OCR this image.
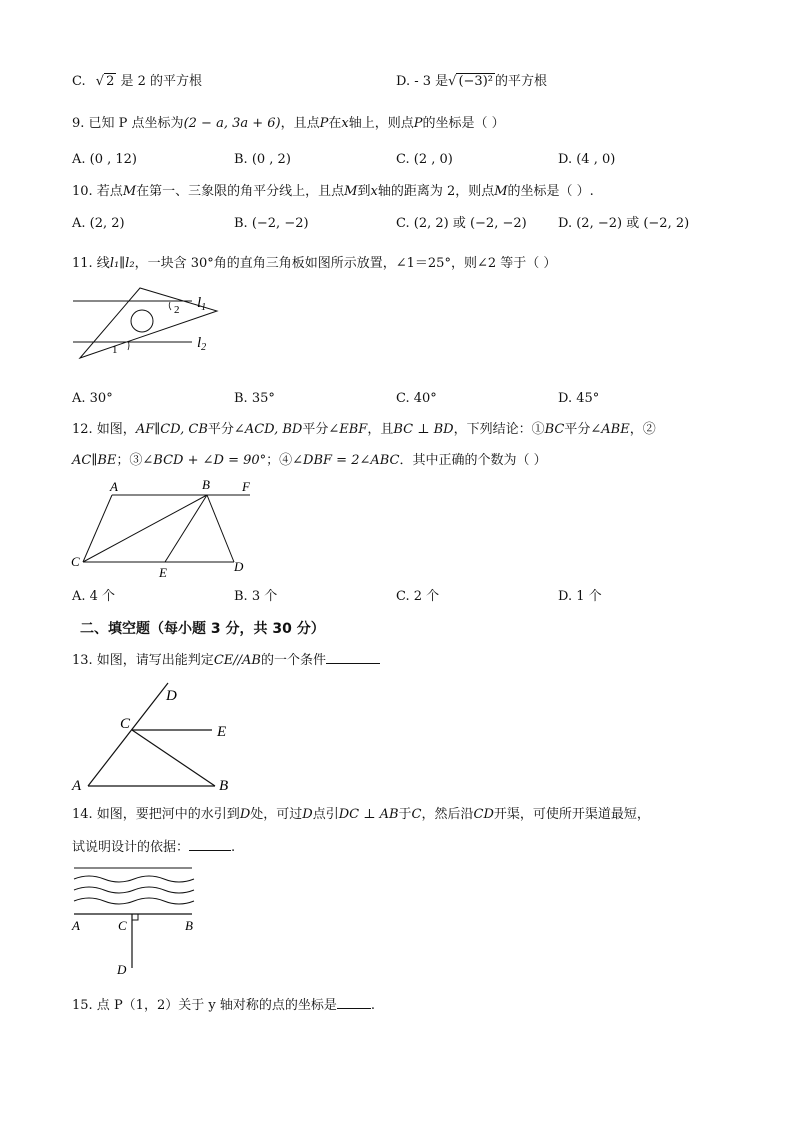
C. √ 2 是 2 的平方根	D. - 3 是√ (−3)² 的平方根
9. 已知 P 点坐标为(2 − a, 3a + 6)，且点P在x轴上，则点P的坐标是（ ）
A. (0 , 12)	B. (0 , 2)	C. (2 , 0)	D. (4 , 0)
10. 若点M在第一、三象限的角平分线上，且点M到x轴的距离为 2，则点M的坐标是（ ）.
A. (2, 2)	B. (−2, −2)	C. (2, 2) 或 (−2, −2) D. (2, −2) 或 (−2, 2)
11. 线l₁∥l₂，一块含 30°角的直角三角板如图所示放置，∠1＝25°，则∠2 等于（ ）
1
2 $l_1$
$l_2$
A. 30°	B. 35°	C. 40°	D. 45°
12. 如图，AF∥CD, CB平分∠ACD, BD平分∠EBF，且BC ⊥ BD，下列结论：①BC平分∠ABE，②
AC∥BE；③∠BCD + ∠D = 90°；④∠DBF = 2∠ABC．其中正确的个数为（ ）
A	B F
C
E	D
A. 4 个	B. 3 个	C. 2 个	D. 1 个
二、填空题（每小题 3 分，共 30 分）
13. 如图，请写出能判定CE//AB的一个条件
D
C	E
A	B
14. 如图，要把河中的水引到D处，可过D点引DC ⊥ AB于C，然后沿CD开渠，可使所开渠道最短，
试说明设计的依据：	.
A	C	B
D
15. 点 P（1，2）关于 y 轴对称的点的坐标是	.
